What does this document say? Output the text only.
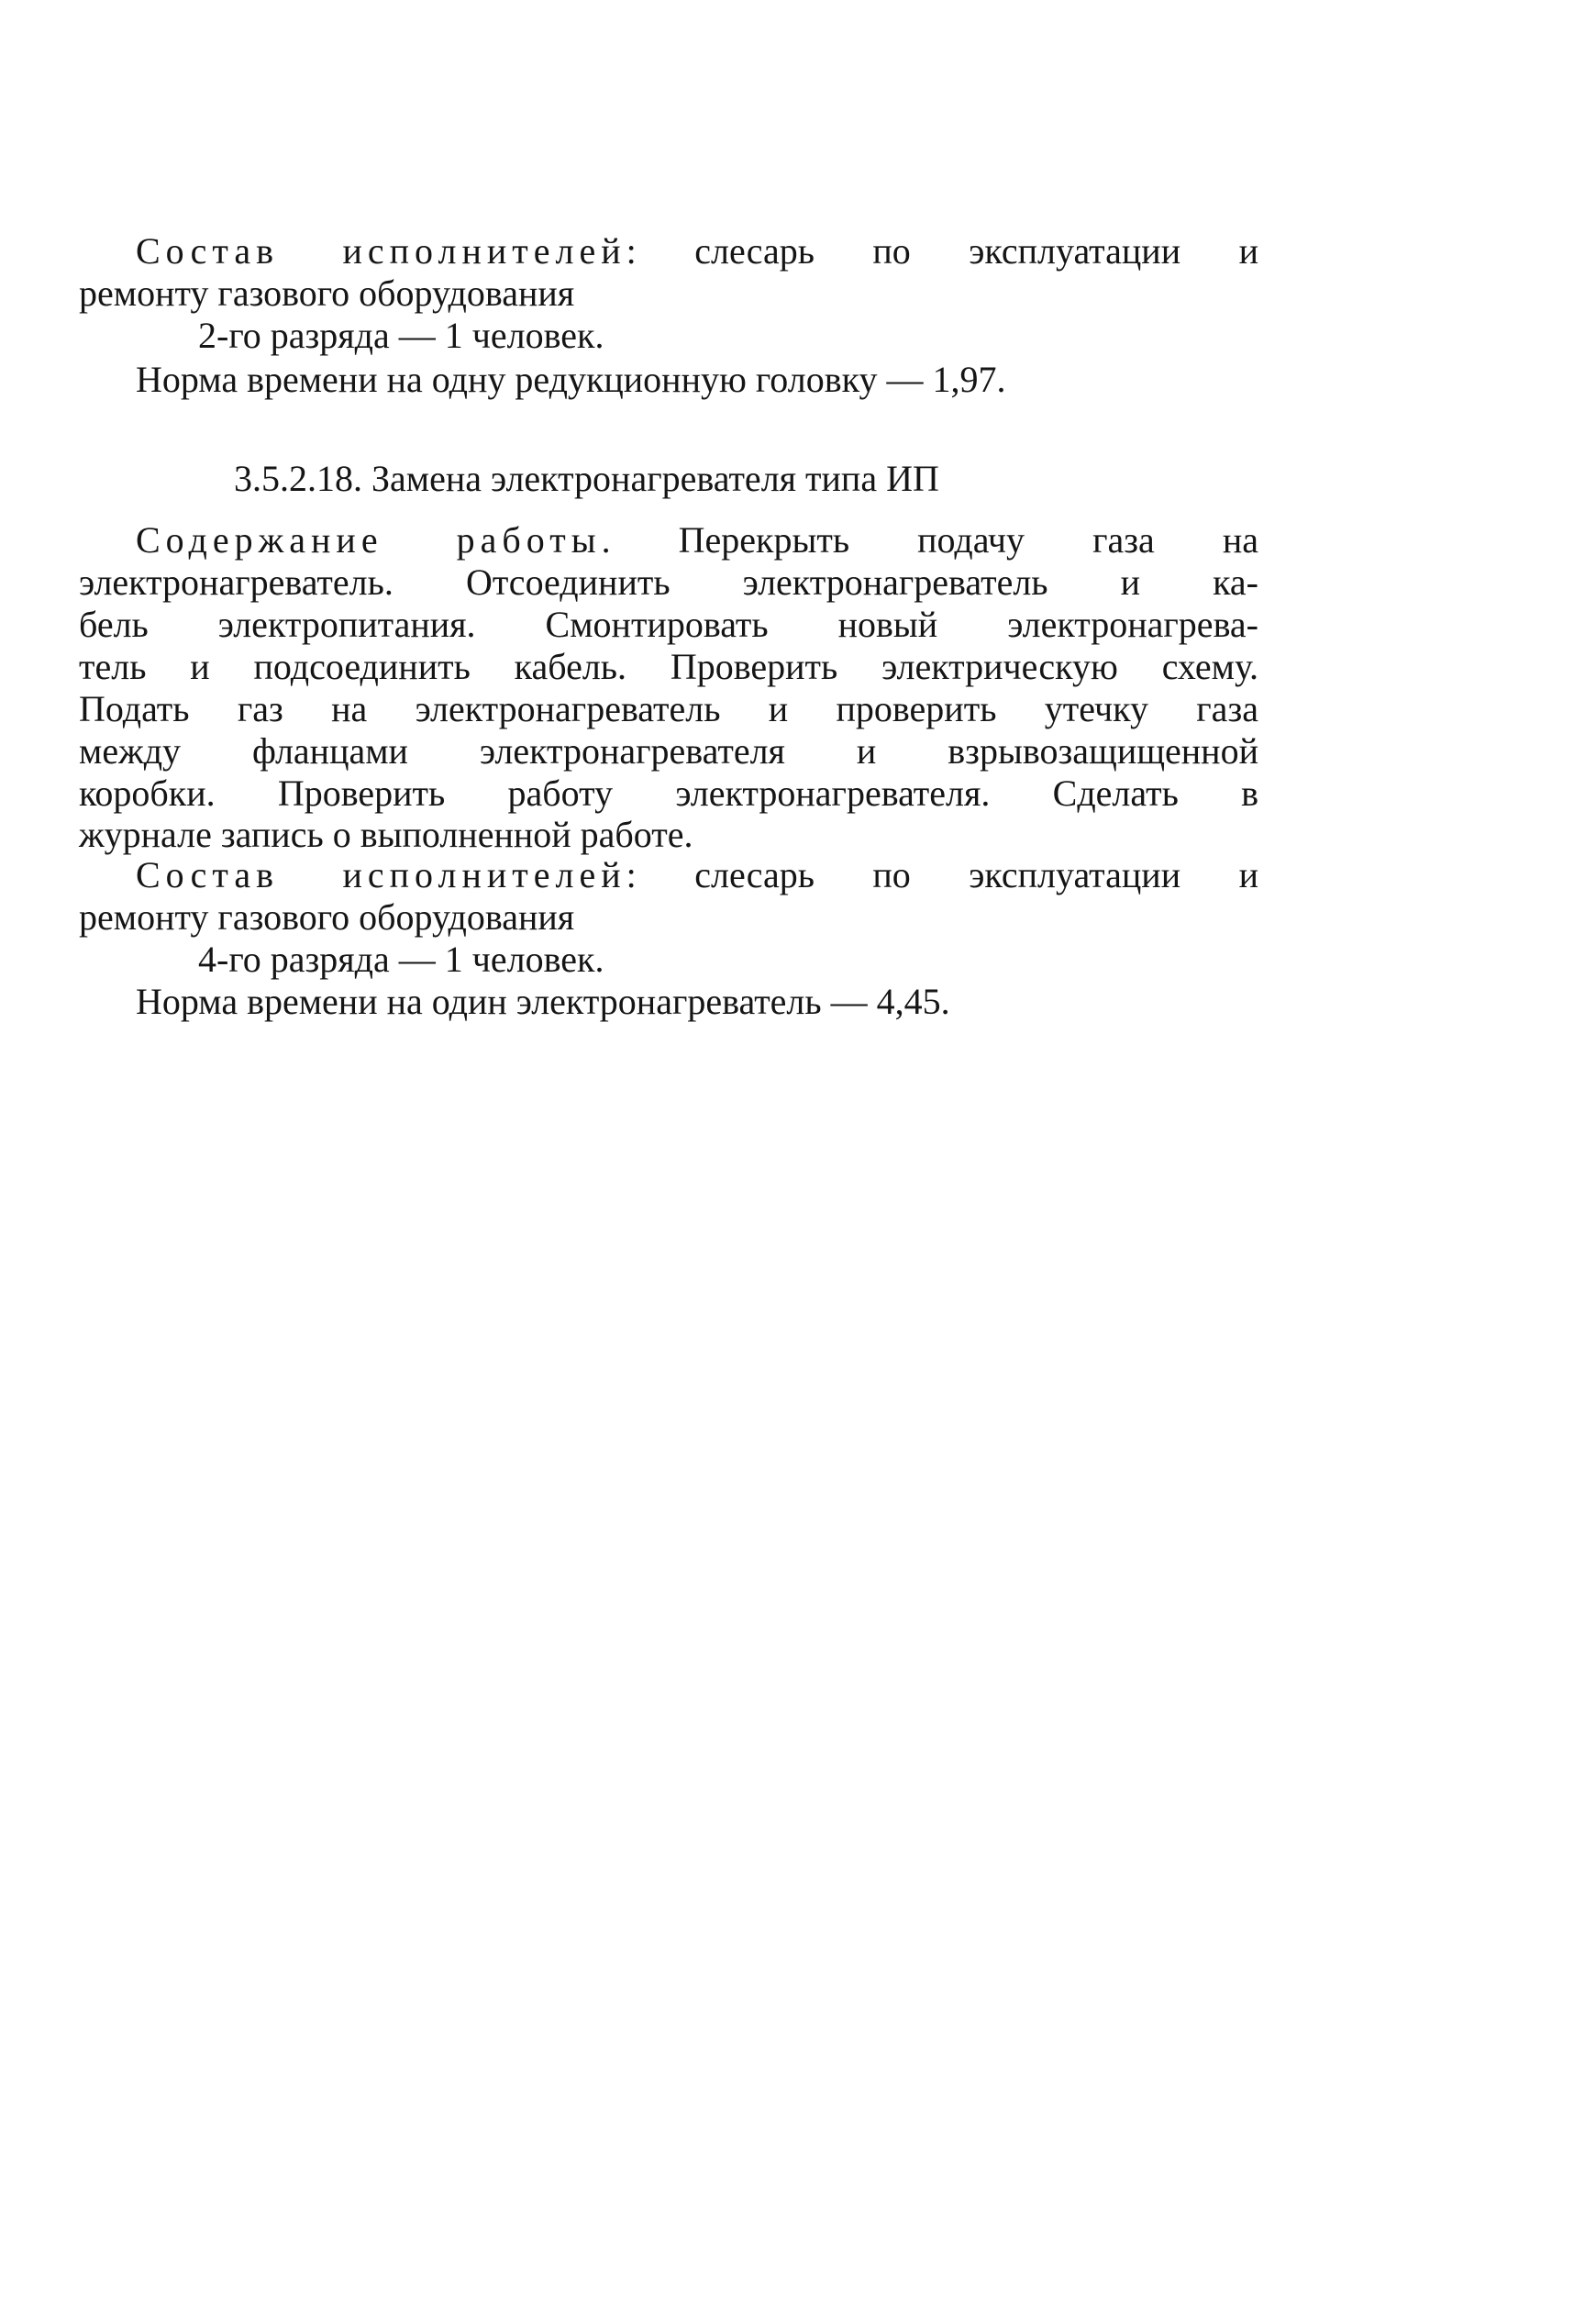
Состав исполнителей: слесарь по эксплуатации и
ремонту газового оборудования
2-го разряда — 1 человек.
Норма времени на одну редукционную головку — 1,97.
3.5.2.18. Замена электронагревателя типа ИП
Содержание работы. Перекрыть подачу газа на
электронагреватель. Отсоединить электронагреватель и ка-
бель электропитания. Смонтировать новый электронагрева-
тель и подсоединить кабель. Проверить электрическую схему.
Подать газ на электронагреватель и проверить утечку газа
между фланцами электронагревателя и взрывозащищенной
коробки. Проверить работу электронагревателя. Сделать в
журнале запись о выполненной работе.
Состав исполнителей: слесарь по эксплуатации и
ремонту газового оборудования
4-го разряда — 1 человек.
Норма времени на один электронагреватель — 4,45.
